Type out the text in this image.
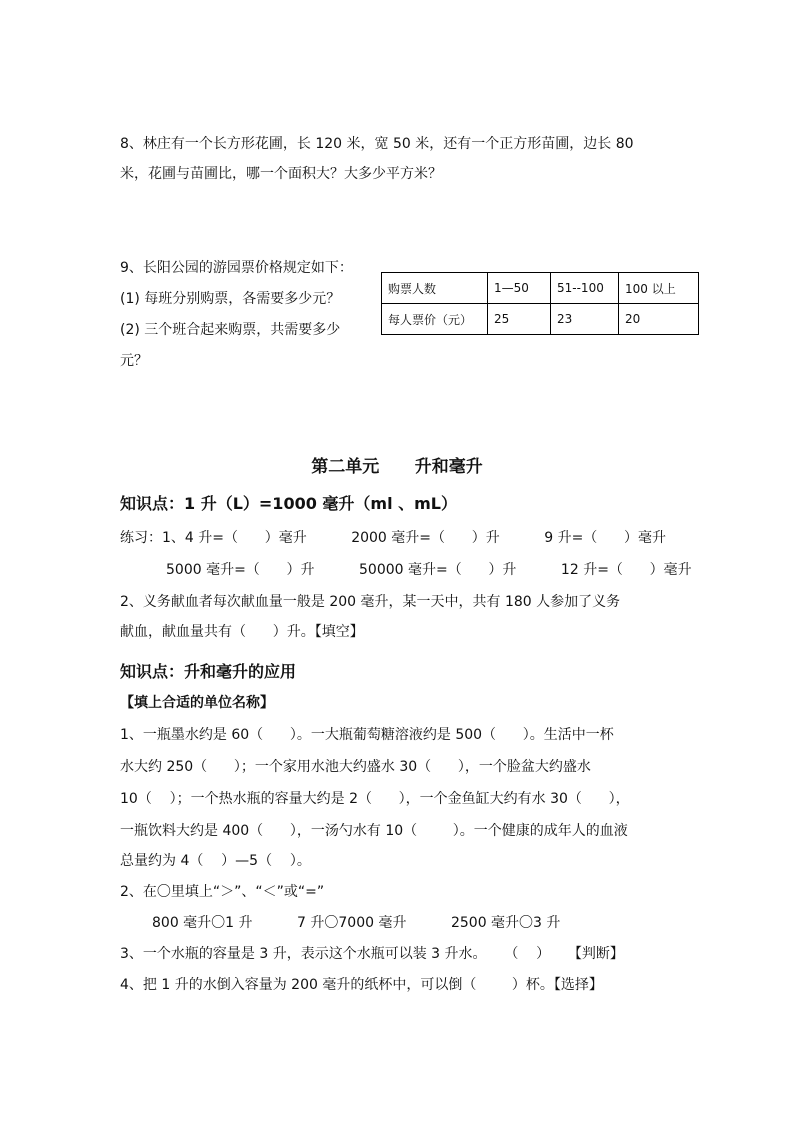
8、林庄有一个长方形花圃，长 120 米，宽 50 米，还有一个正方形苗圃，边长 80
米，花圃与苗圃比，哪一个面积大？大多少平方米？
9、长阳公园的游园票价格规定如下：
(1) 每班分别购票，各需要多少元？
(2) 三个班合起来购票，共需要多少
元？
购票人数	1—50	51--100	100 以上
每人票价（元）	25	23	20
第二单元      升和毫升
知识点：1 升（L）=1000 毫升（ml 、mL）
练习：1、4 升=（      ）毫升          2000 毫升=（      ）升          9 升=（      ）毫升
5000 毫升=（      ）升          50000 毫升=（      ）升          12 升=（      ）毫升
2、义务献血者每次献血量一般是 200 毫升，某一天中，共有 180 人参加了义务
献血，献血量共有（      ）升。【填空】
知识点：升和毫升的应用
【填上合适的单位名称】
1、一瓶墨水约是 60（      ）。一大瓶葡萄糖溶液约是 500（      ）。生活中一杯
水大约 250（      ）；一个家用水池大约盛水 30（      ），一个脸盆大约盛水
10（    ）；一个热水瓶的容量大约是 2（      ），一个金鱼缸大约有水 30（      ），
一瓶饮料大约是 400（      ），一汤勺水有 10（        ）。一个健康的成年人的血液
总量约为 4（    ）—5（    ）。
2、在〇里填上“＞”、“＜”或“=”
800 毫升〇1 升          7 升〇7000 毫升          2500 毫升〇3 升
3、一个水瓶的容量是 3 升，表示这个水瓶可以装 3 升水。    （    ）    【判断】
4、把 1 升的水倒入容量为 200 毫升的纸杯中，可以倒（        ）杯。【选择】
